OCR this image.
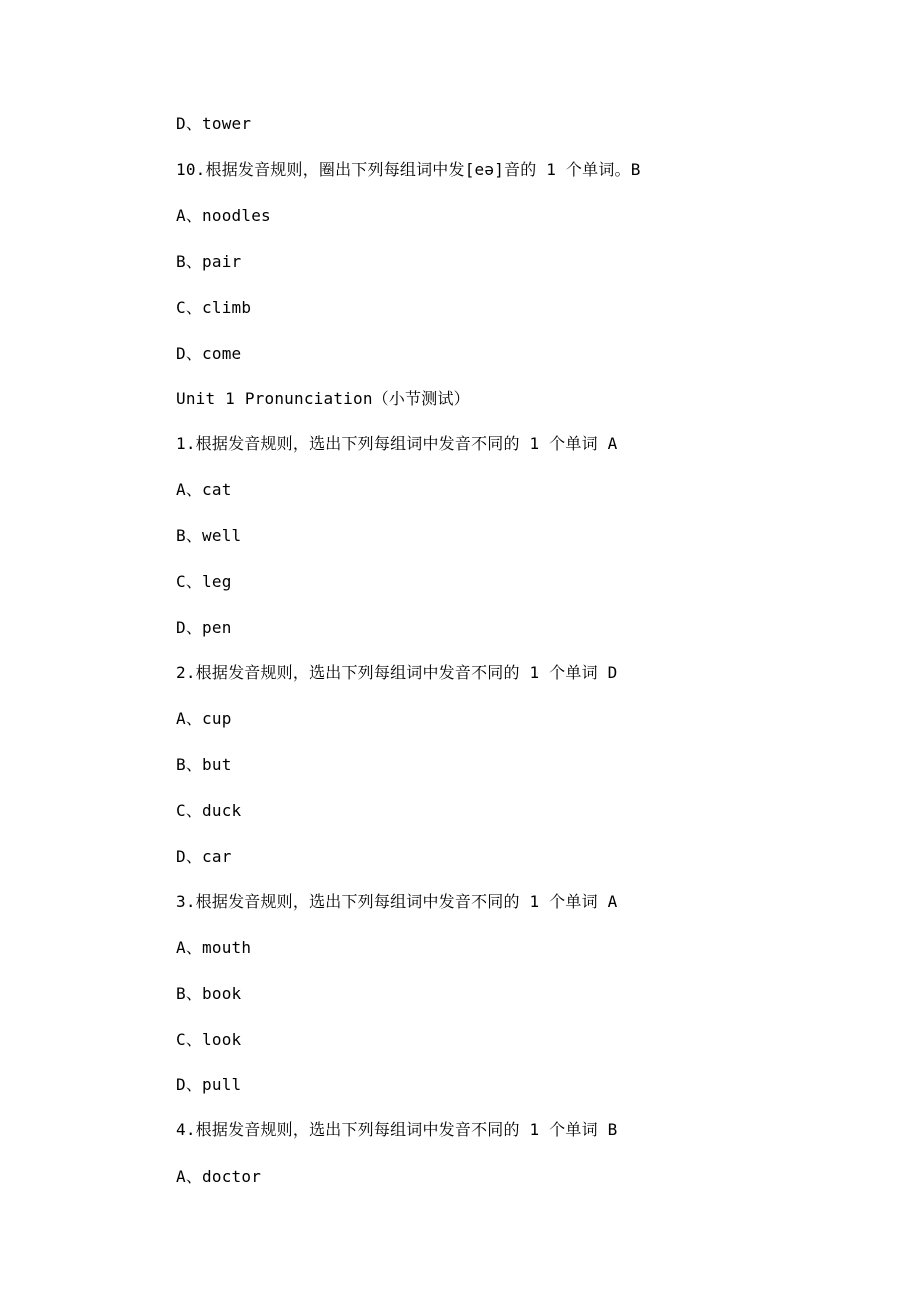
D、tower
10.根据发音规则，圈出下列每组词中发[eə]音的 1 个单词。B
A、noodles
B、pair
C、climb
D、come
Unit 1 Pronunciation（小节测试）
1.根据发音规则，选出下列每组词中发音不同的 1 个单词 A
A、cat
B、well
C、leg
D、pen
2.根据发音规则，选出下列每组词中发音不同的 1 个单词 D
A、cup
B、but
C、duck
D、car
3.根据发音规则，选出下列每组词中发音不同的 1 个单词 A
A、mouth
B、book
C、look
D、pull
4.根据发音规则，选出下列每组词中发音不同的 1 个单词 B
A、doctor
